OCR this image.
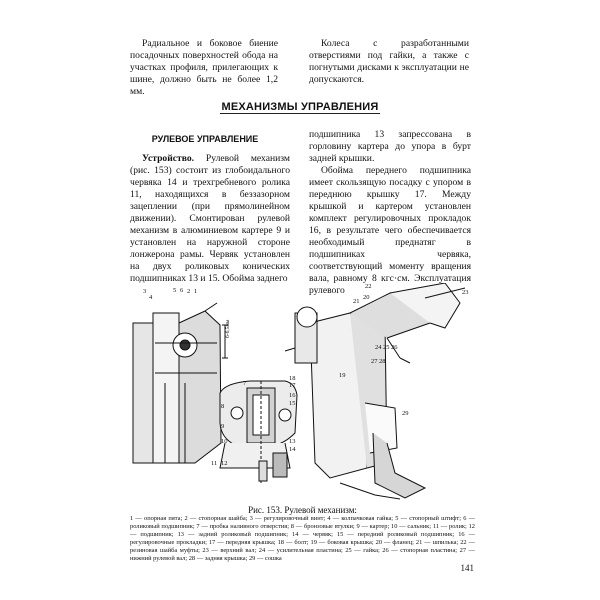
Радиальное и боковое биение посадочных поверхностей обода на участках профиля, прилегающих к шине, должно быть не более 1,2 мм.

Колеса с разработанными отверстиями под гайки, а также с погнутыми дисками к эксплуатации не допускаются.

МЕХАНИЗМЫ УПРАВЛЕНИЯ
РУЛЕВОЕ УПРАВЛЕНИЕ

Устройство. Рулевой механизм (рис. 153) состоит из глобоидального червяка 14 и трехгребневого ролика 11, находящихся в беззазорном зацеплении (при прямолинейном движении). Смонтирован рулевой механизм в алюминиевом картере 9 и установлен на наружной стороне лонжерона рамы. Червяк установлен на двух роликовых конических подшипниках 13 и 15. Обойма заднего

подшипника 13 запрессована в горловину картера до упора в бурт задней крышки.

Обойма переднего подшипника имеет скользящую посадку с упором в переднюю крышку 17. Между крышкой и картером установлен комплект регулировочных прокладок 16, в результате чего обеспечивается необходимый преднатяг в подшипниках червяка, соответствующий моменту вращения вала, равному 8 кгс·см. Эксплуатация рулевого

3
4
5 6 2 1
7
8
9
10
11 12
13
14
15
16
17
18	19
20
21
22
23
24 25 26
27 28
29
6-6,5мм
Рис. 153. Рулевой механизм:
1 — опорная пята; 2 — стопорная шайба; 3 — регулировочный винт; 4 — колпачковая гайка; 5 — стопорный штифт; 6 — роликовый подшипник; 7 — пробка наливного отверстия; 8 — бронзовые втулки; 9 — картер; 10 — сальник; 11 — ролик; 12 — подшипник; 13 — задний роликовый подшипник; 14 — червяк; 15 — передний роликовый подшипник; 16 — регулировочные прокладки; 17 — передняя крышка; 18 — болт; 19 — боковая крышка; 20 — фланец; 21 — шпилька; 22 — резиновая шайба муфты; 23 — верхний вал; 24 — усилительная пластина; 25 — гайка; 26 — стопорная пластина; 27 — нижний рулевой вал; 28 — задняя крышка; 29 — сошка
141
